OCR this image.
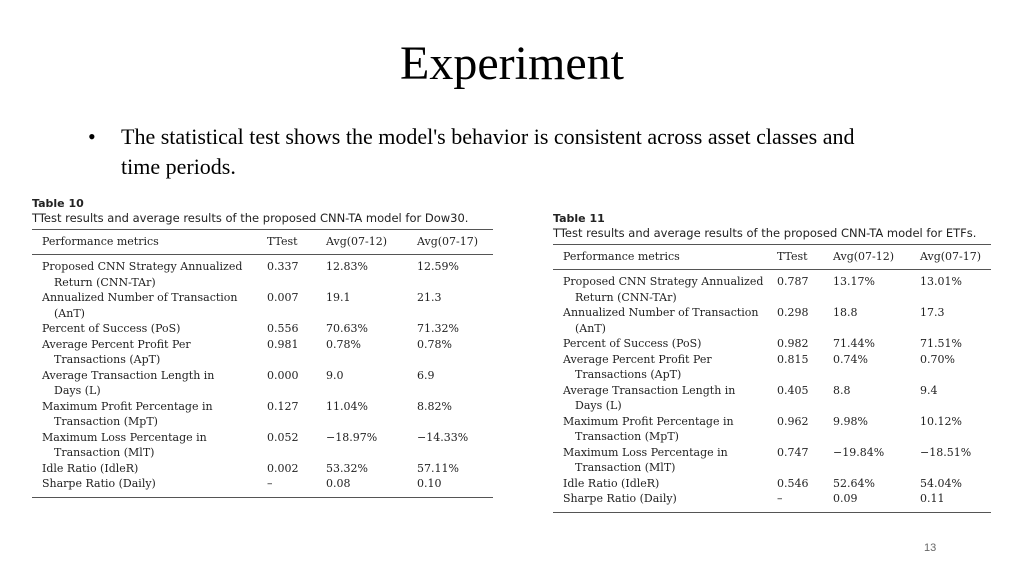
Experiment
• The statistical test shows the model's behavior is consistent across asset classes and time periods.
Table 10
TTest results and average results of the proposed CNN-TA model for Dow30.
Performance metrics	TTest	Avg(07-12)	Avg(07-17)
Proposed CNN Strategy Annualized
Return (CNN-TAr)	0.337	12.83%	12.59%
Annualized Number of Transaction
(AnT)	0.007	19.1	21.3
Percent of Success (PoS)	0.556	70.63%	71.32%
Average Percent Profit Per
Transactions (ApT)	0.981	0.78%	0.78%
Average Transaction Length in
Days (L)	0.000	9.0	6.9
Maximum Profit Percentage in
Transaction (MpT)	0.127	11.04%	8.82%
Maximum Loss Percentage in
Transaction (MlT)	0.052	−18.97%	−14.33%
Idle Ratio (IdleR)	0.002	53.32%	57.11%
Sharpe Ratio (Daily)	–	0.08	0.10
Table 11
TTest results and average results of the proposed CNN-TA model for ETFs.
Performance metrics	TTest	Avg(07-12)	Avg(07-17)
Proposed CNN Strategy Annualized
Return (CNN-TAr)	0.787	13.17%	13.01%
Annualized Number of Transaction
(AnT)	0.298	18.8	17.3
Percent of Success (PoS)	0.982	71.44%	71.51%
Average Percent Profit Per
Transactions (ApT)	0.815	0.74%	0.70%
Average Transaction Length in
Days (L)	0.405	8.8	9.4
Maximum Profit Percentage in
Transaction (MpT)	0.962	9.98%	10.12%
Maximum Loss Percentage in
Transaction (MlT)	0.747	−19.84%	−18.51%
Idle Ratio (IdleR)	0.546	52.64%	54.04%
Sharpe Ratio (Daily)	–	0.09	0.11
13
